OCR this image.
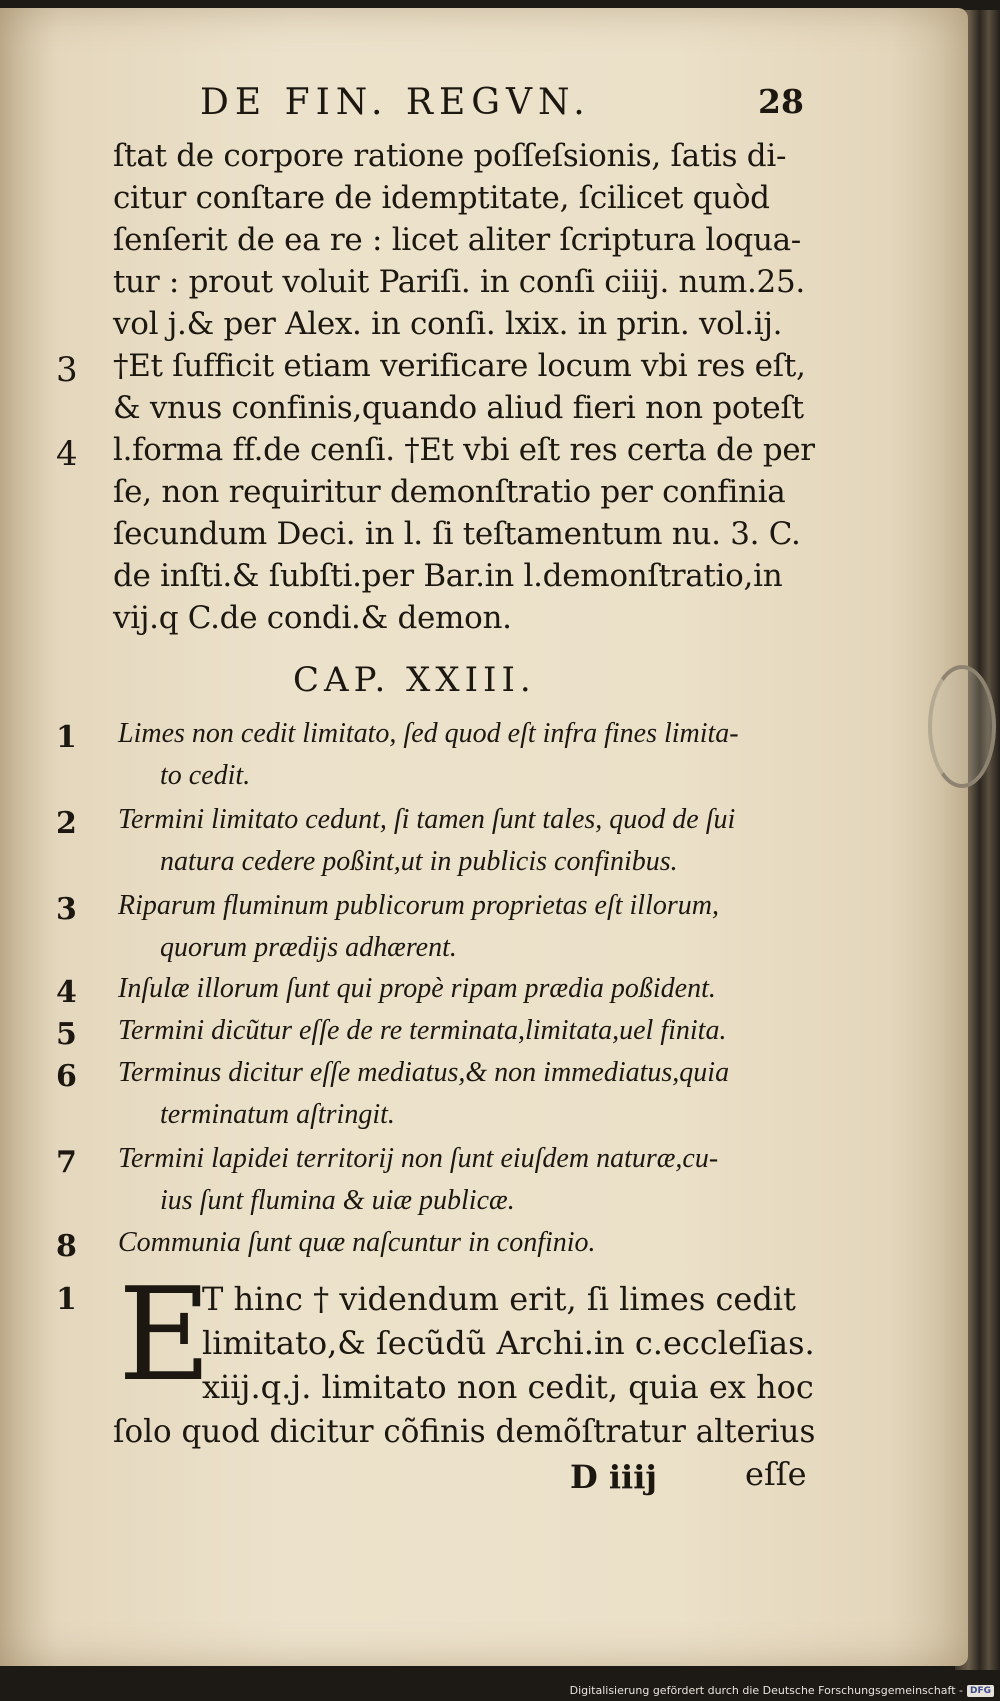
DE FIN. REGVN.	28
ſtat de corpore ratione poſſeſsionis, ſatis di-
citur conſtare de idemptitate, ſcilicet quòd
ſenſerit de ea re : licet aliter ſcriptura loqua-
tur : prout voluit Pariſi. in conſi ciiij. num.25.
vol j.& per Alex. in conſi. lxix. in prin. vol.ij.
†Et ſufficit etiam verificare locum vbi res eſt,
& vnus confinis,quando aliud fieri non poteſt
l.forma ff.de cenſi. †Et vbi eſt res certa de per
ſe, non requiritur demonſtratio per confinia
ſecundum Deci. in l. ſi teſtamentum nu. 3. C.
de inſti.& ſubſti.per Bar.in l.demonſtratio,in
vij.q C.de condi.& demon.
3
4
CAP. XXIII.
1 Limes non cedit limitato, ſed quod eſt infra fines limita-
to cedit.
2 Termini limitato cedunt, ſi tamen ſunt tales, quod de ſui
natura cedere poßint,ut in publicis confinibus.
3 Riparum fluminum publicorum proprietas eſt illorum,
quorum prædijs adhærent.
4 Inſulæ illorum ſunt qui propè ripam prædia poßident.
5 Termini dicũtur eſſe de re terminata,limitata,uel finita.
6 Terminus dicitur eſſe mediatus,& non immediatus,quia
terminatum aſtringit.
7 Termini lapidei territorij non ſunt eiuſdem naturæ,cu-
ius ſunt flumina & uiæ publicæ.
8 Communia ſunt quæ naſcuntur in confinio.
1 E
T hinc † videndum erit, ſi limes cedit
limitato,& ſecũdũ Archi.in c.eccleſias.
xiij.q.j. limitato non cedit, quia ex hoc
ſolo quod dicitur cõfinis demõſtratur alterius
D iiij	eſſe
Digitalisierung gefördert durch die Deutsche Forschungsgemeinschaft - DFG
